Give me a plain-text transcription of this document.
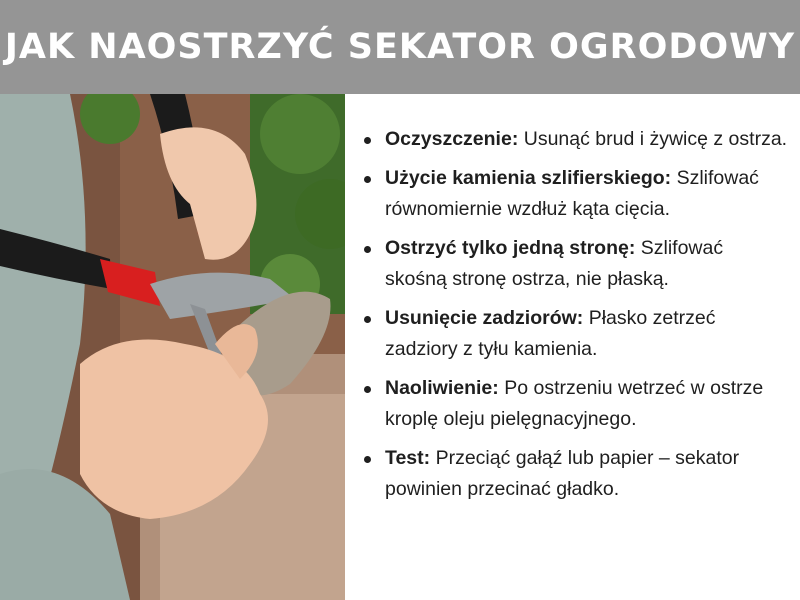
JAK NAOSTRZYĆ SEKATOR OGRODOWY
Oczyszczenie: Usunąć brud i żywicę z ostrza.
Użycie kamienia szlifierskiego: Szlifować równomiernie wzdłuż kąta cięcia.
Ostrzyć tylko jedną stronę: Szlifować skośną stronę ostrza, nie płaską.
Usunięcie zadziorów: Płasko zetrzeć zadziory z tyłu kamienia.
Naoliwienie: Po ostrzeniu wetrzeć w ostrze kroplę oleju pielęgnacyjnego.
Test: Przeciąć gałąź lub papier – sekator powinien przecinać gładko.
